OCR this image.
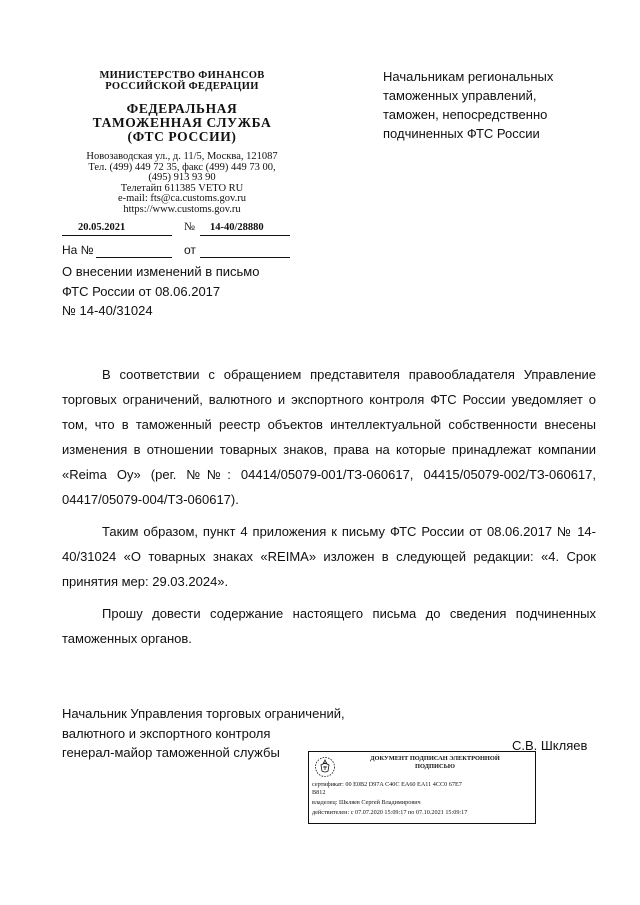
МИНИСТЕРСТВО ФИНАНСОВ

РОССИЙСКОЙ ФЕДЕРАЦИИ

ФЕДЕРАЛЬНАЯ

ТАМОЖЕННАЯ СЛУЖБА

(ФТС РОССИИ)

Новозаводская ул., д. 11/5, Москва, 121087

Тел. (499) 449 72 35, факс (499) 449 73 00,

(495) 913 93 90

Телетайп 611385 VETO RU

e-mail: fts@ca.customs.gov.ru

https://www.customs.gov.ru

20.05.2021	№ 14-40/28880
На №	от

Начальникам региональных

таможенных управлений,

таможен, непосредственно

подчиненных ФТС России

О внесении изменений в письмо

ФТС России от 08.06.2017

№ 14-40/31024

В соответствии с обращением представителя правообладателя Управление торговых ограничений, валютного и экспортного контроля ФТС России уведомляет о том, что в таможенный реестр объектов интеллектуальной собственности внесены изменения в отношении товарных знаков, права на которые принадлежат компании «Reima Oy» (рег. №№: 04414/05079-001/ТЗ-060617, 04415/05079-002/ТЗ-060617, 04417/05079-004/ТЗ-060617).

Таким образом, пункт 4 приложения к письму ФТС России от 08.06.2017 № 14-40/31024 «О товарных знаках «REIMA» изложен в следующей редакции: «4. Срок принятия мер: 29.03.2024».

Прошу довести содержание настоящего письма до сведения подчиненных таможенных органов.

Начальник Управления торговых ограничений,

валютного и экспортного контроля

генерал-майор таможенной службы	С.В. Шкляев

ДОКУМЕНТ ПОДПИСАН ЭЛЕКТРОННОЙ

ПОДПИСЬЮ

сертификат: 00 E0B2 D97A C40C EA60 EA11 4CC0 67E7

B812

владелец: Шкляев Сергей Владимирович

действителен: с 07.07.2020 15:09:17 по 07.10.2021 15:09:17
